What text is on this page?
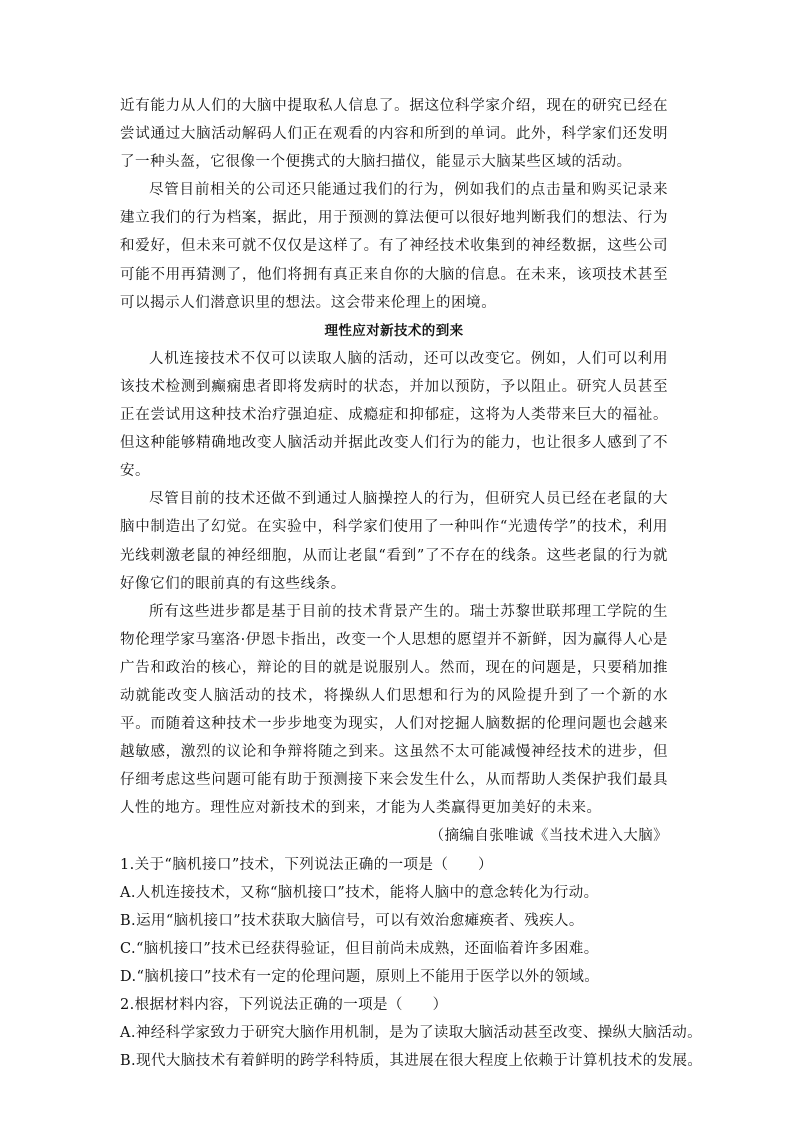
近有能力从人们的大脑中提取私人信息了。据这位科学家介绍，现在的研究已经在尝试通过大脑活动解码人们正在观看的内容和所到的单词。此外，科学家们还发明了一种头盔，它很像一个便携式的大脑扫描仪，能显示大脑某些区域的活动。

尽管目前相关的公司还只能通过我们的行为，例如我们的点击量和购买记录来建立我们的行为档案，据此，用于预测的算法便可以很好地判断我们的想法、行为和爱好，但未来可就不仅仅是这样了。有了神经技术收集到的神经数据，这些公司可能不用再猜测了，他们将拥有真正来自你的大脑的信息。在未来，该项技术甚至可以揭示人们潜意识里的想法。这会带来伦理上的困境。

理性应对新技术的到来

人机连接技术不仅可以读取人脑的活动，还可以改变它。例如，人们可以利用该技术检测到癫痫患者即将发病时的状态，并加以预防，予以阻止。研究人员甚至正在尝试用这种技术治疗强迫症、成瘾症和抑郁症，这将为人类带来巨大的福祉。但这种能够精确地改变人脑活动并据此改变人们行为的能力，也让很多人感到了不安。

尽管目前的技术还做不到通过人脑操控人的行为，但研究人员已经在老鼠的大脑中制造出了幻觉。在实验中，科学家们使用了一种叫作“光遗传学”的技术，利用光线刺激老鼠的神经细胞，从而让老鼠“看到”了不存在的线条。这些老鼠的行为就好像它们的眼前真的有这些线条。

所有这些进步都是基于目前的技术背景产生的。瑞士苏黎世联邦理工学院的生物伦理学家马塞洛·伊恩卡指出，改变一个人思想的愿望并不新鲜，因为赢得人心是广告和政治的核心，辩论的目的就是说服别人。然而，现在的问题是，只要稍加推动就能改变人脑活动的技术，将操纵人们思想和行为的风险提升到了一个新的水平。而随着这种技术一步步地变为现实，人们对挖掘人脑数据的伦理问题也会越来越敏感，激烈的议论和争辩将随之到来。这虽然不太可能减慢神经技术的进步，但仔细考虑这些问题可能有助于预测接下来会发生什么，从而帮助人类保护我们最具人性的地方。理性应对新技术的到来，才能为人类赢得更加美好的未来。

（摘编自张唯诚《当技术进入大脑》

1.关于“脑机接口”技术，下列说法正确的一项是（　　）

A.人机连接技术，又称“脑机接口”技术，能将人脑中的意念转化为行动。

B.运用“脑机接口”技术获取大脑信号，可以有效治愈瘫痪者、残疾人。

C.“脑机接口”技术已经获得验证，但目前尚未成熟，还面临着许多困难。

D.“脑机接口”技术有一定的伦理问题，原则上不能用于医学以外的领域。

2.根据材料内容，下列说法正确的一项是（　　）

A.神经科学家致力于研究大脑作用机制，是为了读取大脑活动甚至改变、操纵大脑活动。

B.现代大脑技术有着鲜明的跨学科特质，其进展在很大程度上依赖于计算机技术的发展。
